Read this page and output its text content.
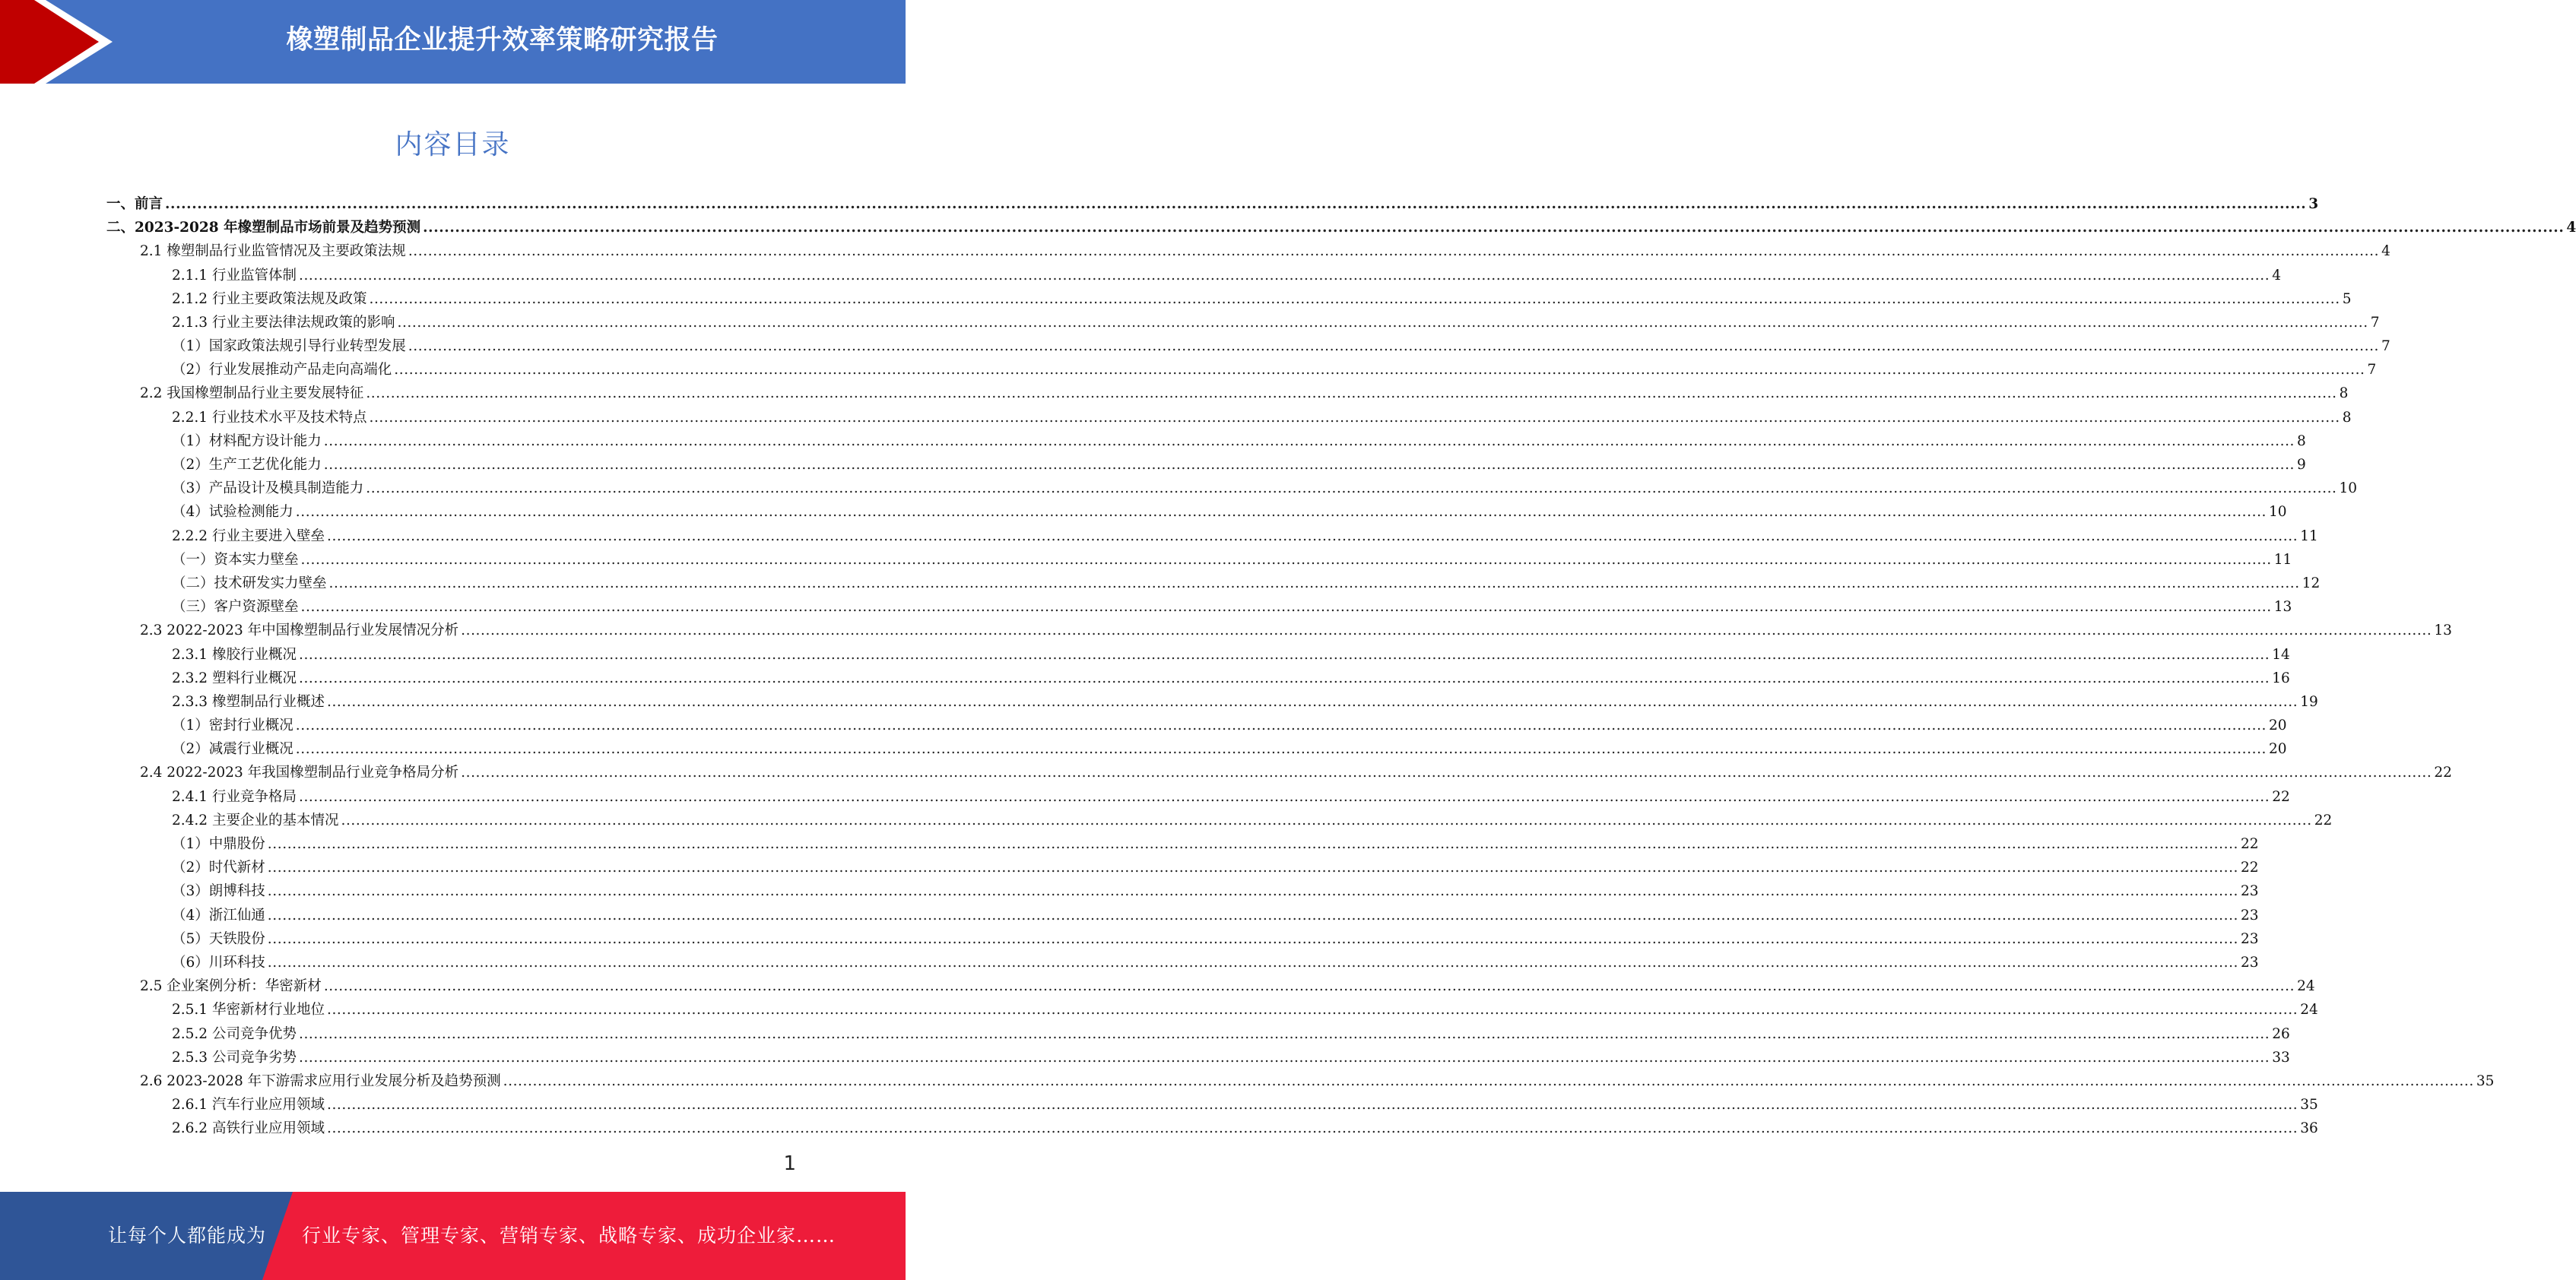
橡塑制品企业提升效率策略研究报告
内容目录
一、前言 ................................................................................................................................................................................................................................................................................................................................................................................................................ 3
二、2023-2028 年橡塑制品市场前景及趋势预测 ................................................................................................................................................................................................................................................................................................................................................................................................................ 4
2.1 橡塑制品行业监管情况及主要政策法规 ................................................................................................................................................................................................................................................................................................................................................................................................................ 4
2.1.1 行业监管体制 ................................................................................................................................................................................................................................................................................................................................................................................................................ 4
2.1.2 行业主要政策法规及政策 ................................................................................................................................................................................................................................................................................................................................................................................................................ 5
2.1.3 行业主要法律法规政策的影响 ................................................................................................................................................................................................................................................................................................................................................................................................................ 7
（1）国家政策法规引导行业转型发展 ................................................................................................................................................................................................................................................................................................................................................................................................................ 7
（2）行业发展推动产品走向高端化 ................................................................................................................................................................................................................................................................................................................................................................................................................ 7
2.2 我国橡塑制品行业主要发展特征 ................................................................................................................................................................................................................................................................................................................................................................................................................ 8
2.2.1 行业技术水平及技术特点 ................................................................................................................................................................................................................................................................................................................................................................................................................ 8
（1）材料配方设计能力 ................................................................................................................................................................................................................................................................................................................................................................................................................ 8
（2）生产工艺优化能力 ................................................................................................................................................................................................................................................................................................................................................................................................................ 9
（3）产品设计及模具制造能力 ................................................................................................................................................................................................................................................................................................................................................................................................................ 10
（4）试验检测能力 ................................................................................................................................................................................................................................................................................................................................................................................................................ 10
2.2.2 行业主要进入壁垒 ................................................................................................................................................................................................................................................................................................................................................................................................................ 11
（一）资本实力壁垒 ................................................................................................................................................................................................................................................................................................................................................................................................................ 11
（二）技术研发实力壁垒 ................................................................................................................................................................................................................................................................................................................................................................................................................ 12
（三）客户资源壁垒 ................................................................................................................................................................................................................................................................................................................................................................................................................ 13
2.3 2022-2023 年中国橡塑制品行业发展情况分析 ................................................................................................................................................................................................................................................................................................................................................................................................................ 13
2.3.1 橡胶行业概况 ................................................................................................................................................................................................................................................................................................................................................................................................................ 14
2.3.2 塑料行业概况 ................................................................................................................................................................................................................................................................................................................................................................................................................ 16
2.3.3 橡塑制品行业概述 ................................................................................................................................................................................................................................................................................................................................................................................................................ 19
（1）密封行业概况 ................................................................................................................................................................................................................................................................................................................................................................................................................ 20
（2）减震行业概况 ................................................................................................................................................................................................................................................................................................................................................................................................................ 20
2.4 2022-2023 年我国橡塑制品行业竞争格局分析 ................................................................................................................................................................................................................................................................................................................................................................................................................ 22
2.4.1 行业竞争格局 ................................................................................................................................................................................................................................................................................................................................................................................................................ 22
2.4.2 主要企业的基本情况 ................................................................................................................................................................................................................................................................................................................................................................................................................ 22
（1）中鼎股份 ................................................................................................................................................................................................................................................................................................................................................................................................................ 22
（2）时代新材 ................................................................................................................................................................................................................................................................................................................................................................................................................ 22
（3）朗博科技 ................................................................................................................................................................................................................................................................................................................................................................................................................ 23
（4）浙江仙通 ................................................................................................................................................................................................................................................................................................................................................................................................................ 23
（5）天铁股份 ................................................................................................................................................................................................................................................................................................................................................................................................................ 23
（6）川环科技 ................................................................................................................................................................................................................................................................................................................................................................................................................ 23
2.5 企业案例分析：华密新材 ................................................................................................................................................................................................................................................................................................................................................................................................................ 24
2.5.1 华密新材行业地位 ................................................................................................................................................................................................................................................................................................................................................................................................................ 24
2.5.2 公司竞争优势 ................................................................................................................................................................................................................................................................................................................................................................................................................ 26
2.5.3 公司竞争劣势 ................................................................................................................................................................................................................................................................................................................................................................................................................ 33
2.6 2023-2028 年下游需求应用行业发展分析及趋势预测 ................................................................................................................................................................................................................................................................................................................................................................................................................ 35
2.6.1 汽车行业应用领域 ................................................................................................................................................................................................................................................................................................................................................................................................................ 35
2.6.2 高铁行业应用领域 ................................................................................................................................................................................................................................................................................................................................................................................................................ 36
1
让每个人都能成为 行业专家、管理专家、营销专家、战略专家、成功企业家……
